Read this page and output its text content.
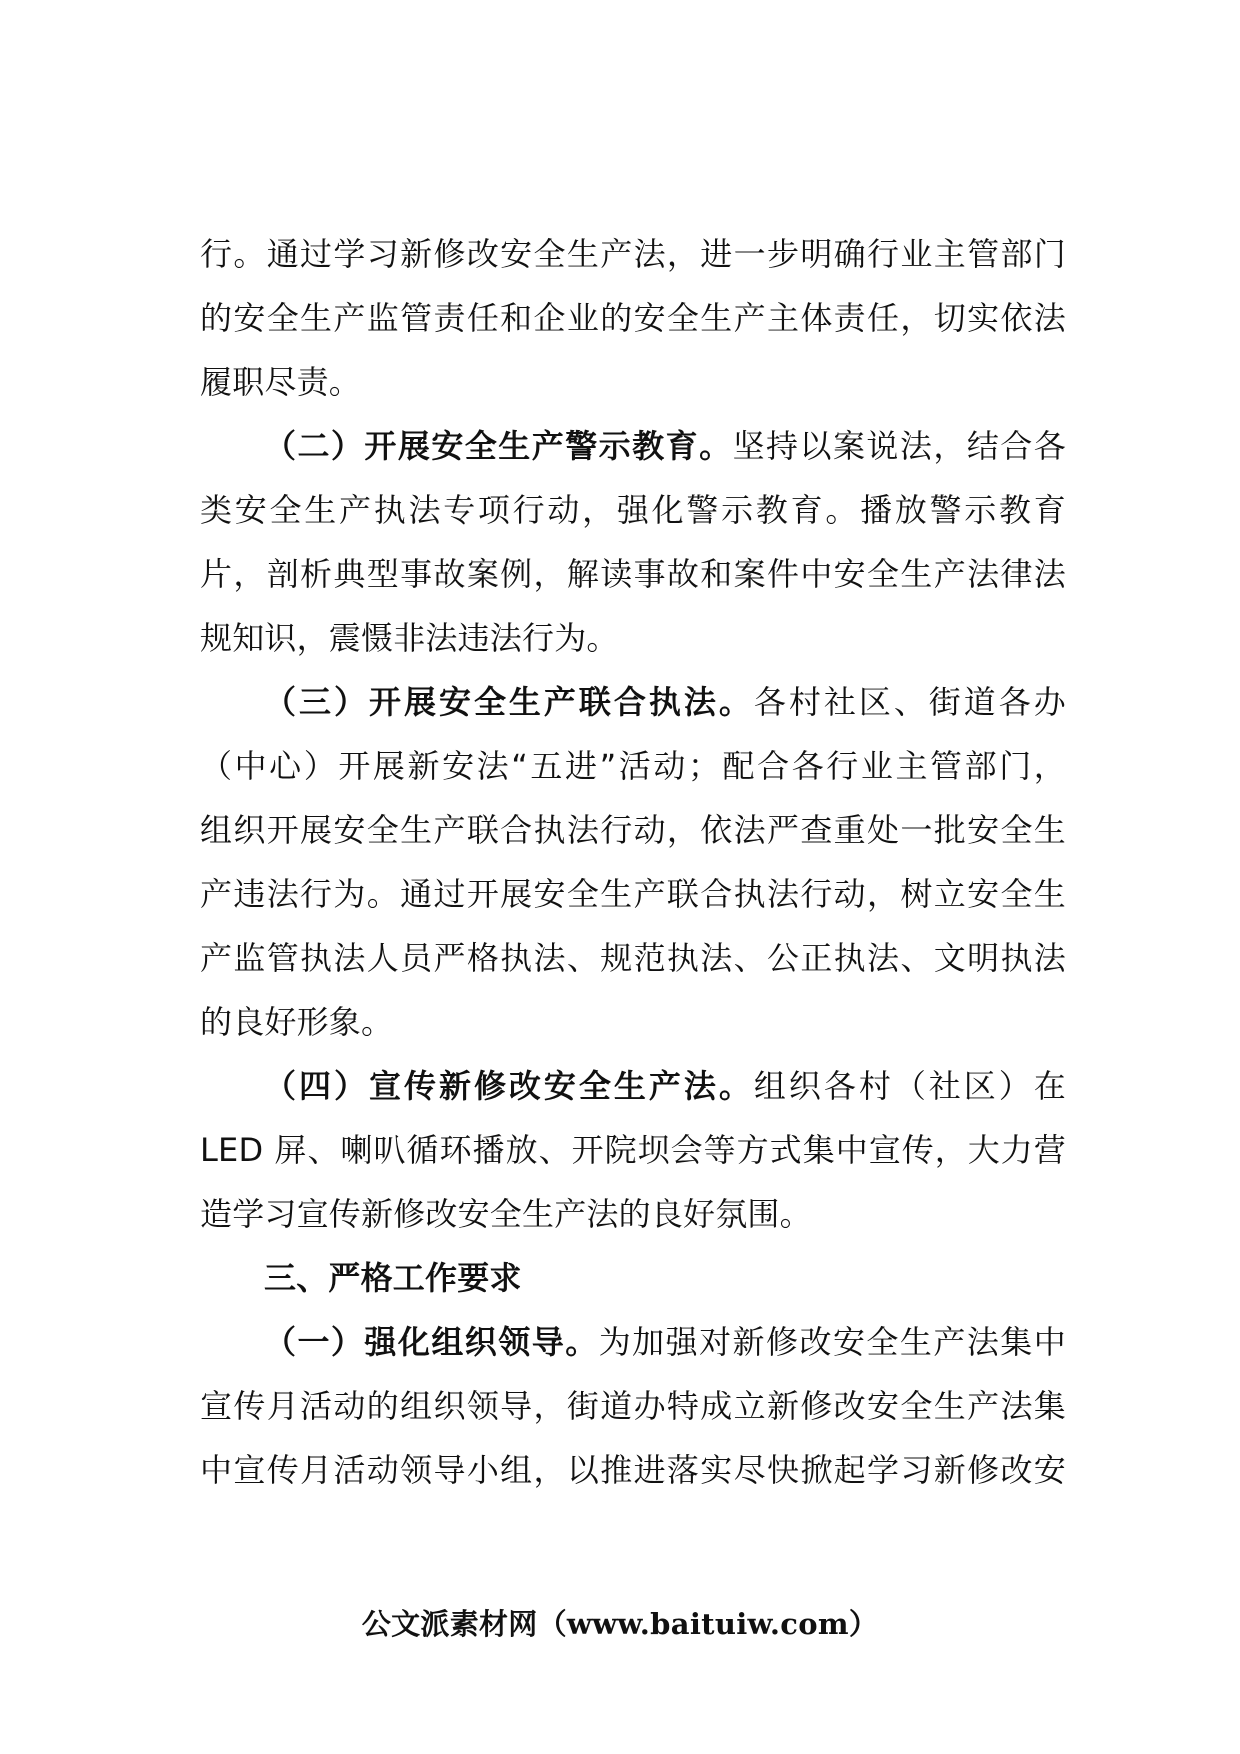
行。通过学习新修改安全生产法，进一步明确行业主管部门
的安全生产监管责任和企业的安全生产主体责任，切实依法
履职尽责。
（二）开展安全生产警示教育。坚持以案说法，结合各
类安全生产执法专项行动，强化警示教育。播放警示教育
片，剖析典型事故案例，解读事故和案件中安全生产法律法
规知识，震慑非法违法行为。
（三）开展安全生产联合执法。各村社区、街道各办
（中心）开展新安法“五进”活动；配合各行业主管部门，
组织开展安全生产联合执法行动，依法严查重处一批安全生
产违法行为。通过开展安全生产联合执法行动，树立安全生
产监管执法人员严格执法、规范执法、公正执法、文明执法
的良好形象。
（四）宣传新修改安全生产法。组织各村（社区）在
LED 屏、喇叭循环播放、开院坝会等方式集中宣传，大力营
造学习宣传新修改安全生产法的良好氛围。
三、严格工作要求
（一）强化组织领导。为加强对新修改安全生产法集中
宣传月活动的组织领导，街道办特成立新修改安全生产法集
中宣传月活动领导小组，以推进落实尽快掀起学习新修改安
公文派素材网（www.baituiw.com）
